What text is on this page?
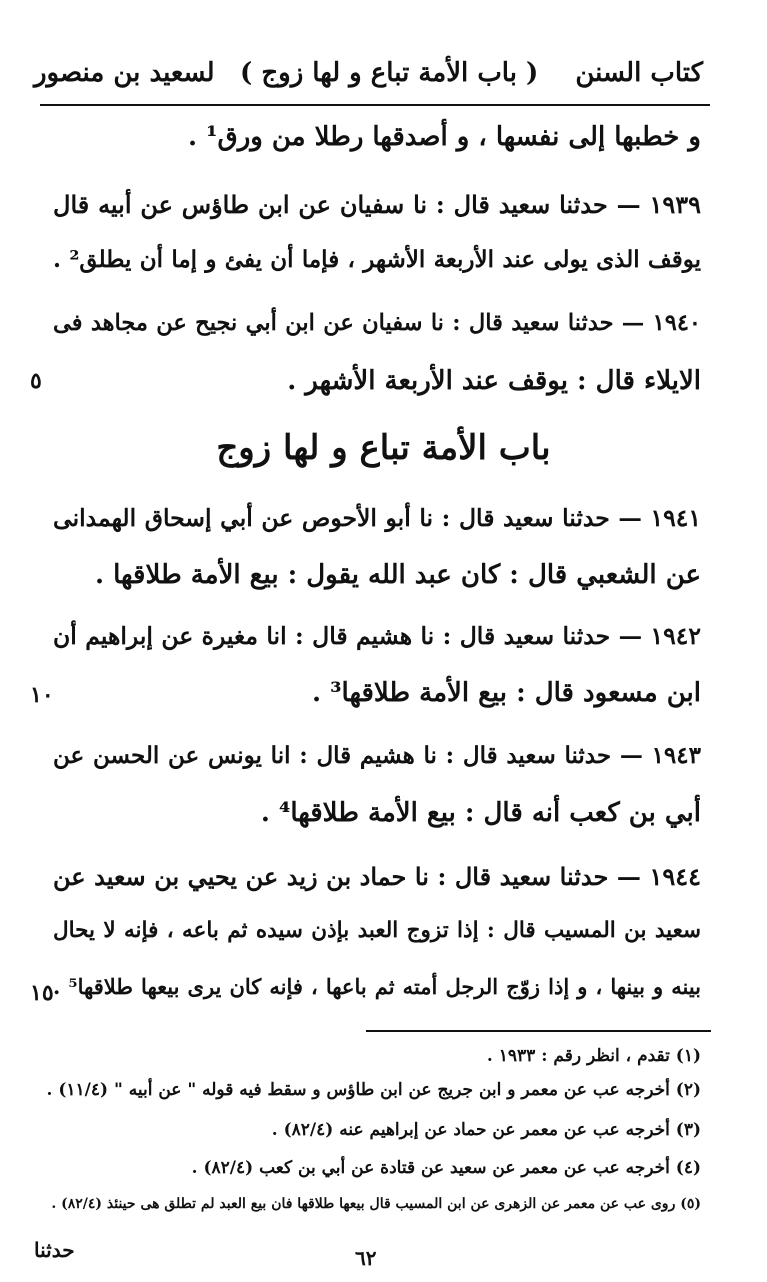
كتاب السنن
( باب الأمة تباع و لها زوج )
لسعيد بن منصور
و خطبها إلى نفسها ، و أصدقها رطلا من ورق¹ .
١٩٣٩ — حدثنا سعيد قال : نا سفيان عن ابن طاؤس عن أبيه قال
يوقف الذى يولى عند الأربعة الأشهر ، فإما أن يفئ و إما أن يطلق² .
١٩٤٠ — حدثنا سعيد قال : نا سفيان عن ابن أبي نجيح عن مجاهد فى
الايلاء قال : يوقف عند الأربعة الأشهر .
باب الأمة تباع و لها زوج
١٩٤١ — حدثنا سعيد قال : نا أبو الأحوص عن أبي إسحاق الهمدانى
عن الشعبي قال : كان عبد الله يقول : بيع الأمة طلاقها .
١٩٤٢ — حدثنا سعيد قال : نا هشيم قال : انا مغيرة عن إبراهيم أن
ابن مسعود قال : بيع الأمة طلاقها³ .
١٩٤٣ — حدثنا سعيد قال : نا هشيم قال : انا يونس عن الحسن عن
أبي بن كعب أنه قال : بيع الأمة طلاقها⁴ .
١٩٤٤ — حدثنا سعيد قال : نا حماد بن زيد عن يحيي بن سعيد عن
سعيد بن المسيب قال : إذا تزوج العبد بإذن سيده ثم باعه ، فإنه لا يحال
بينه و بينها ، و إذا زوّج الرجل أمته ثم باعها ، فإنه كان يرى بيعها طلاقها⁵ .
٥
١٠
١٥
(١) تقدم ، انظر رقم : ١٩٣٣ .
(٢) أخرجه عب عن معمر و ابن جريج عن ابن طاؤس و سقط فيه قوله " عن أبيه " (١١/٤) .
(٣) أخرجه عب عن معمر عن حماد عن إبراهيم عنه (٨٢/٤) .
(٤) أخرجه عب عن معمر عن سعيد عن قتادة عن أبي بن كعب (٨٢/٤) .
(٥) روى عب عن معمر عن الزهرى عن ابن المسيب قال بيعها طلاقها فان بيع العبد لم تطلق هى حينئذ (٨٢/٤) .
حدثنا	٦٢
